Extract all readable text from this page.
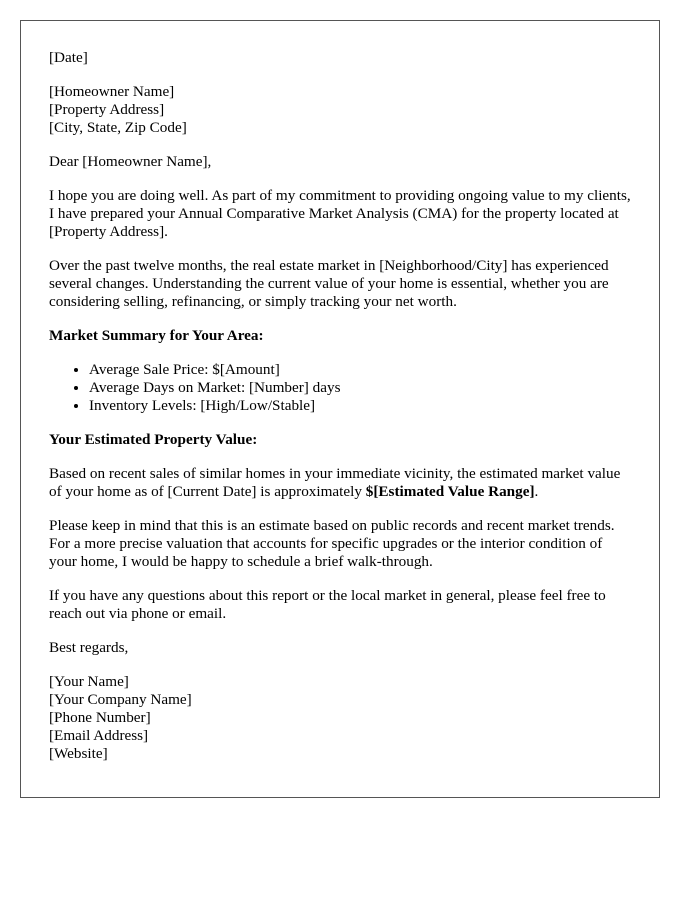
[Date]
[Homeowner Name]
[Property Address]
[City, State, Zip Code]

Dear [Homeowner Name],

I hope you are doing well. As part of my commitment to providing ongoing value to my clients, I have prepared your Annual Comparative Market Analysis (CMA) for the property located at [Property Address].

Over the past twelve months, the real estate market in [Neighborhood/City] has experienced several changes. Understanding the current value of your home is essential, whether you are considering selling, refinancing, or simply tracking your net worth.

Market Summary for Your Area:
• Average Sale Price: $[Amount]
• Average Days on Market: [Number] days
• Inventory Levels: [High/Low/Stable]
Your Estimated Property Value:

Based on recent sales of similar homes in your immediate vicinity, the estimated market value of your home as of [Current Date] is approximately $[Estimated Value Range].

Please keep in mind that this is an estimate based on public records and recent market trends. For a more precise valuation that accounts for specific upgrades or the interior condition of your home, I would be happy to schedule a brief walk-through.

If you have any questions about this report or the local market in general, please feel free to reach out via phone or email.

Best regards,

[Your Name]
[Your Company Name]
[Phone Number]
[Email Address]
[Website]
